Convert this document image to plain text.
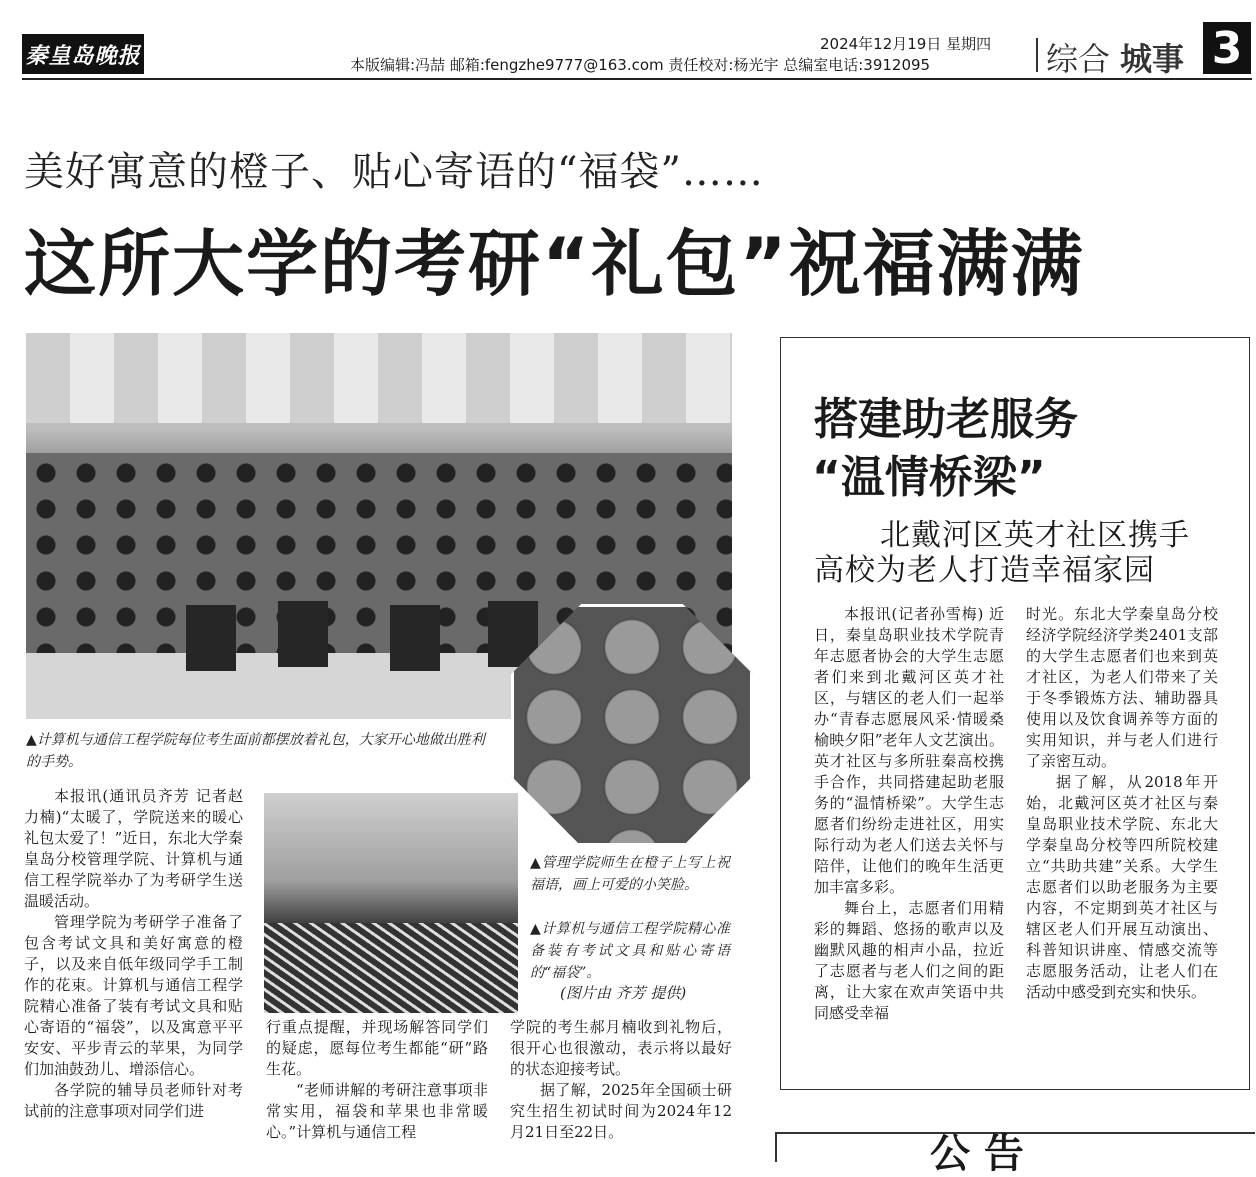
秦皇岛晚报	2024年12月19日 星期四
本版编辑:冯喆 邮箱:fengzhe9777@163.com 责任校对:杨光宇 总编室电话:3912095	综合 城事 3
美好寓意的橙子、贴心寄语的“福袋”……
这所大学的考研“礼包”祝福满满
▲计算机与通信工程学院每位考生面前都摆放着礼包，大家开心地做出胜利的手势。
▲管理学院师生在橙子上写上祝福语，画上可爱的小笑脸。
▲计算机与通信工程学院精心准备装有考试文具和贴心寄语的“福袋”。
(图片由 齐芳 提供)

本报讯(通讯员齐芳 记者赵力楠)“太暖了，学院送来的暖心礼包太爱了！”近日，东北大学秦皇岛分校管理学院、计算机与通信工程学院举办了为考研学生送温暖活动。

管理学院为考研学子准备了包含考试文具和美好寓意的橙子，以及来自低年级同学手工制作的花束。计算机与通信工程学院精心准备了装有考试文具和贴心寄语的“福袋”，以及寓意平平安安、平步青云的苹果，为同学们加油鼓劲儿、增添信心。

各学院的辅导员老师针对考试前的注意事项对同学们进

行重点提醒，并现场解答同学们的疑虑，愿每位考生都能“研”路生花。

“老师讲解的考研注意事项非常实用，福袋和苹果也非常暖心。”计算机与通信工程

学院的考生郝月楠收到礼物后，很开心也很激动，表示将以最好的状态迎接考试。

据了解，2025年全国硕士研究生招生初试时间为2024年12月21日至22日。

搭建助老服务
“温情桥梁”
北戴河区英才社区携手
高校为老人打造幸福家园

本报讯(记者孙雪梅) 近日，秦皇岛职业技术学院青年志愿者协会的大学生志愿者们来到北戴河区英才社区，与辖区的老人们一起举办“青春志愿展风采·情暖桑榆映夕阳”老年人文艺演出。英才社区与多所驻秦高校携手合作，共同搭建起助老服务的“温情桥梁”。大学生志愿者们纷纷走进社区，用实际行动为老人们送去关怀与陪伴，让他们的晚年生活更加丰富多彩。

舞台上，志愿者们用精彩的舞蹈、悠扬的歌声以及幽默风趣的相声小品，拉近了志愿者与老人们之间的距离，让大家在欢声笑语中共同感受幸福

时光。东北大学秦皇岛分校经济学院经济学类2401支部的大学生志愿者们也来到英才社区，为老人们带来了关于冬季锻炼方法、辅助器具使用以及饮食调养等方面的实用知识，并与老人们进行了亲密互动。

据了解，从2018年开始，北戴河区英才社区与秦皇岛职业技术学院、东北大学秦皇岛分校等四所院校建立“共助共建”关系。大学生志愿者们以助老服务为主要内容，不定期到英才社区与辖区老人们开展互动演出、科普知识讲座、情感交流等志愿服务活动，让老人们在活动中感受到充实和快乐。

公 告
